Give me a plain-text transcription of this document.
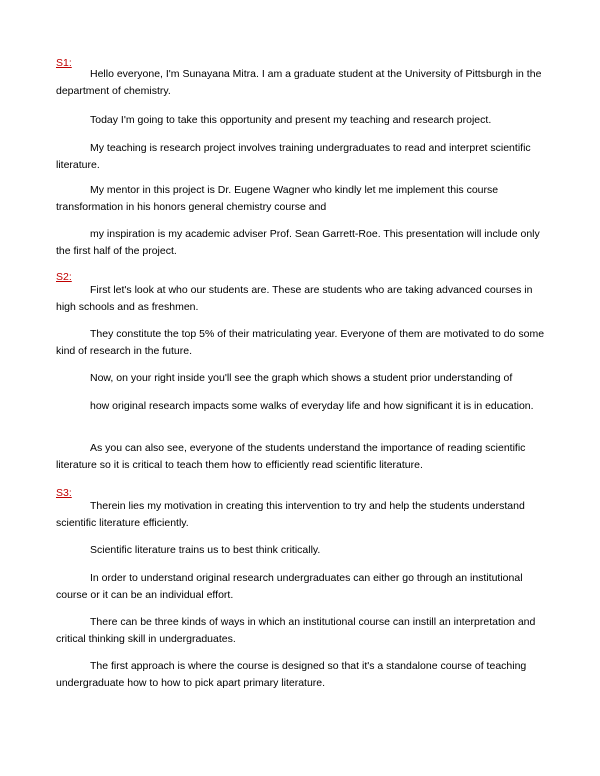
S1:

Hello everyone, I'm Sunayana Mitra. I am a graduate student at the University of Pittsburgh in the department of chemistry.

Today I'm going to take this opportunity and present my teaching and research project.

My teaching is research project involves training undergraduates to read and interpret scientific literature.

My mentor in this project is Dr. Eugene Wagner who kindly let me implement this course transformation in his honors general chemistry course and

my inspiration is my academic adviser Prof. Sean Garrett-Roe. This presentation will include only the first half of the project.

S2:

First let's look at who our students are. These are students who are taking advanced courses in high schools and as freshmen.

They constitute the top 5% of their matriculating year. Everyone of them are motivated to do some kind of research in the future.

Now, on your right inside you'll see the graph which shows a student prior understanding of

how original research impacts some walks of everyday life and how significant it is in education.

As you can also see, everyone of the students understand the importance of reading scientific literature so it is critical to teach them how to efficiently read scientific literature.

S3:

Therein lies my motivation in creating this intervention to try and help the students understand scientific literature efficiently.

Scientific literature trains us to best think critically.

In order to understand original research undergraduates can either go through an institutional course or it can be an individual effort.

There can be three kinds of ways in which an institutional course can instill an interpretation and critical thinking skill in undergraduates.

The first approach is where the course is designed so that it's a standalone course of teaching undergraduate how to how to pick apart primary literature.
